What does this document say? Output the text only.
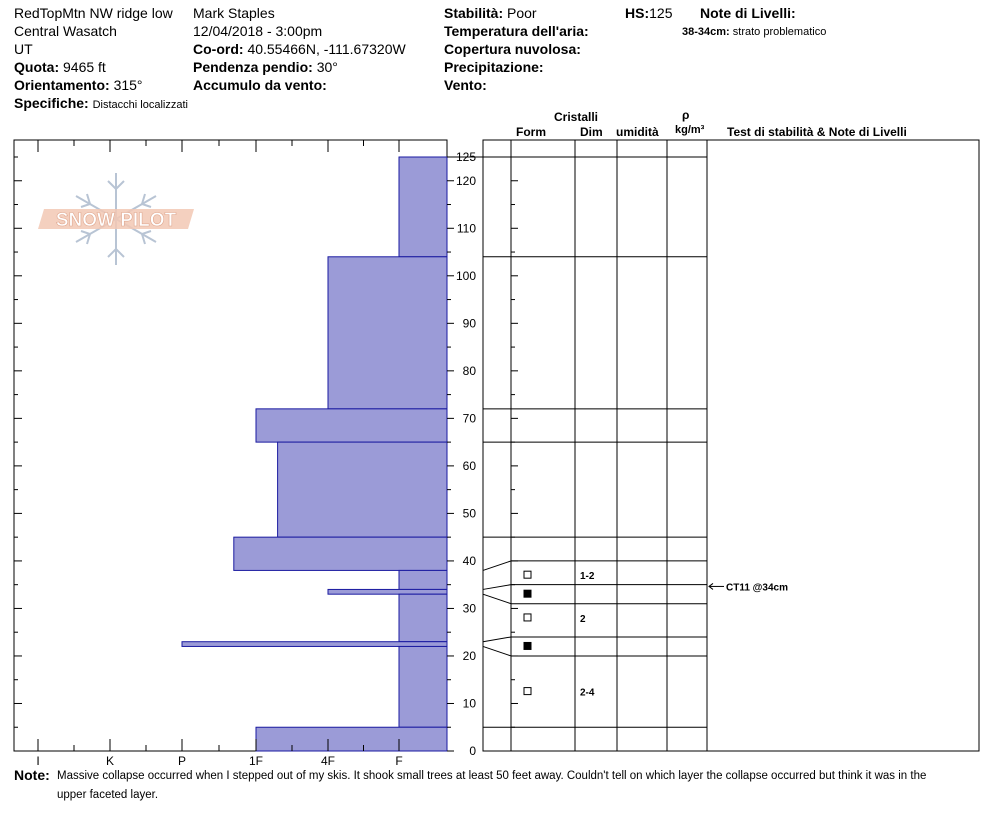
RedTopMtn NW ridge low
Central Wasatch
UT
Quota: 9465 ft
Orientamento: 315°
Specifiche: Distacchi localizzati
Mark Staples
12/04/2018 - 3:00pm
Co-ord: 40.55466N, -111.67320W
Pendenza pendio: 30°
Accumulo da vento:
Stabilità: Poor
Temperatura dell'aria:
Copertura nuvolosa:
Precipitazione:
Vento:
HS:125 Note di Livelli:
38-34cm: strato problematico
Cristalli
Form	Dim umidità
ρ
kg/m³ Test di stabilità & Note di Livelli
I	K	P	1F	4F	F
0
10
20
30
40
50
60
70
80
90
100
110
120
125
SNOW PILOT
1-2
2
2-4
CT11 @34cm
Note: Massive collapse occurred when I stepped out of my skis. It shook small trees at least 50 feet away. Couldn't tell on which layer the collapse occurred but think it was in the
upper faceted layer.
